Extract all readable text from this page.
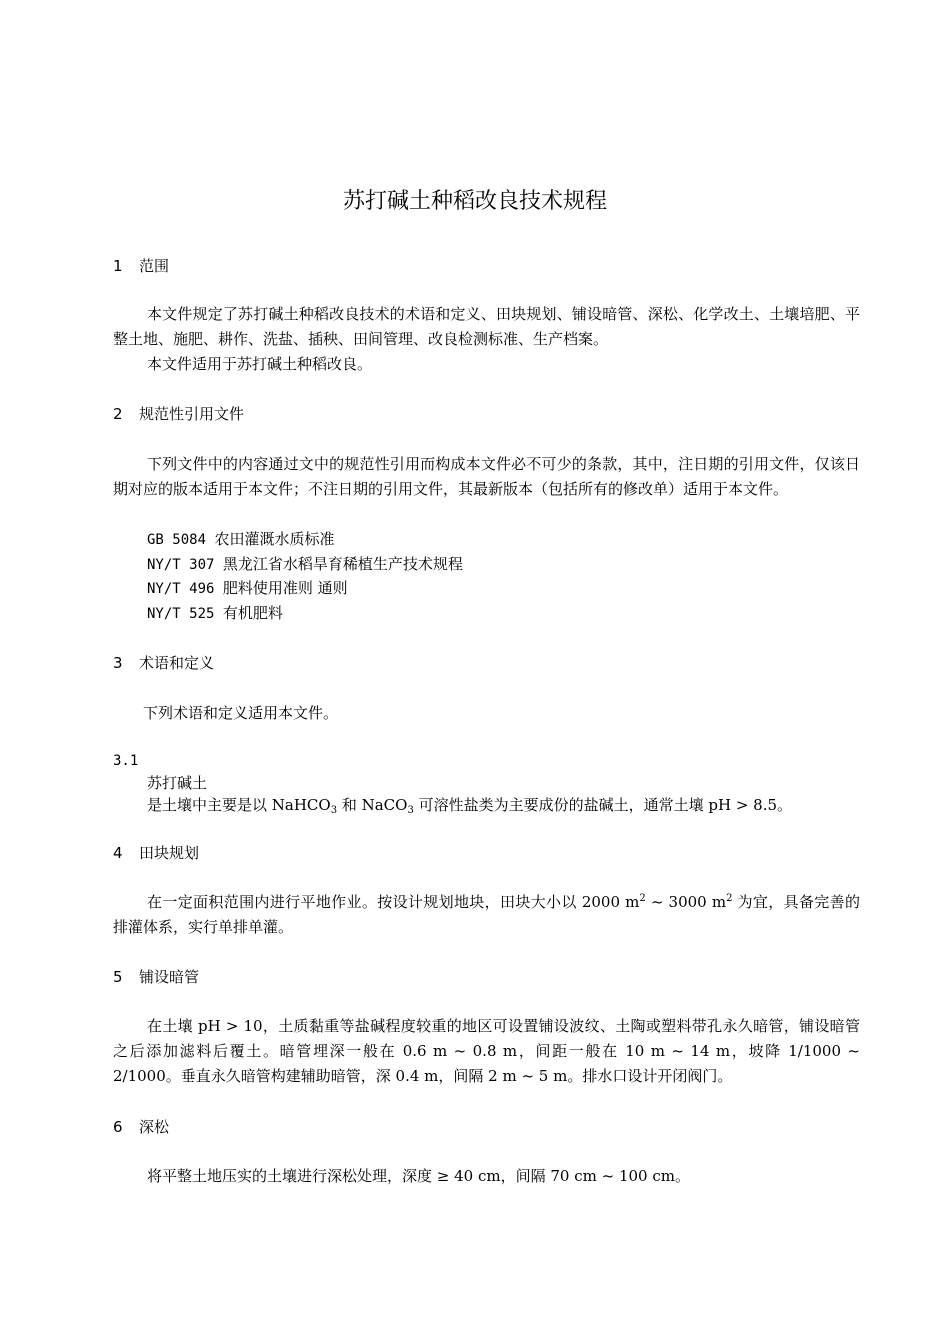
苏打碱土种稻改良技术规程
1 范围

本文件规定了苏打碱土种稻改良技术的术语和定义、田块规划、铺设暗管、深松、化学改土、土壤培肥、平整土地、施肥、耕作、洗盐、插秧、田间管理、改良检测标准、生产档案。

本文件适用于苏打碱土种稻改良。

2 规范性引用文件

下列文件中的内容通过文中的规范性引用而构成本文件必不可少的条款，其中，注日期的引用文件，仅该日期对应的版本适用于本文件；不注日期的引用文件，其最新版本（包括所有的修改单）适用于本文件。

GB 5084 农田灌溉水质标准
NY/T 307 黑龙江省水稻旱育稀植生产技术规程
NY/T 496 肥料使用准则 通则
NY/T 525 有机肥料
3 术语和定义
下列术语和定义适用本文件。
3.1
苏打碱土
是土壤中主要是以 NaHCO$_3$ 和 NaCO$_3$ 可溶性盐类为主要成份的盐碱土，通常土壤 pH > 8.5。
4 田块规划

在一定面积范围内进行平地作业。按设计规划地块，田块大小以 2000 $m^2$ ~ 3000 $m^2$ 为宜，具备完善的排灌体系，实行单排单灌。

5 铺设暗管

在土壤 pH > 10，土质黏重等盐碱程度较重的地区可设置铺设波纹、土陶或塑料带孔永久暗管，铺设暗管之后添加滤料后覆土。暗管埋深一般在 0.6 m ~ 0.8 m，间距一般在 10 m ~ 14 m，坡降 1/1000 ~ 2/1000。垂直永久暗管构建辅助暗管，深 0.4 m，间隔 2 m ~ 5 m。排水口设计开闭阀门。

6 深松

将平整土地压实的土壤进行深松处理，深度 ≥ 40 cm，间隔 70 cm ~ 100 cm。
